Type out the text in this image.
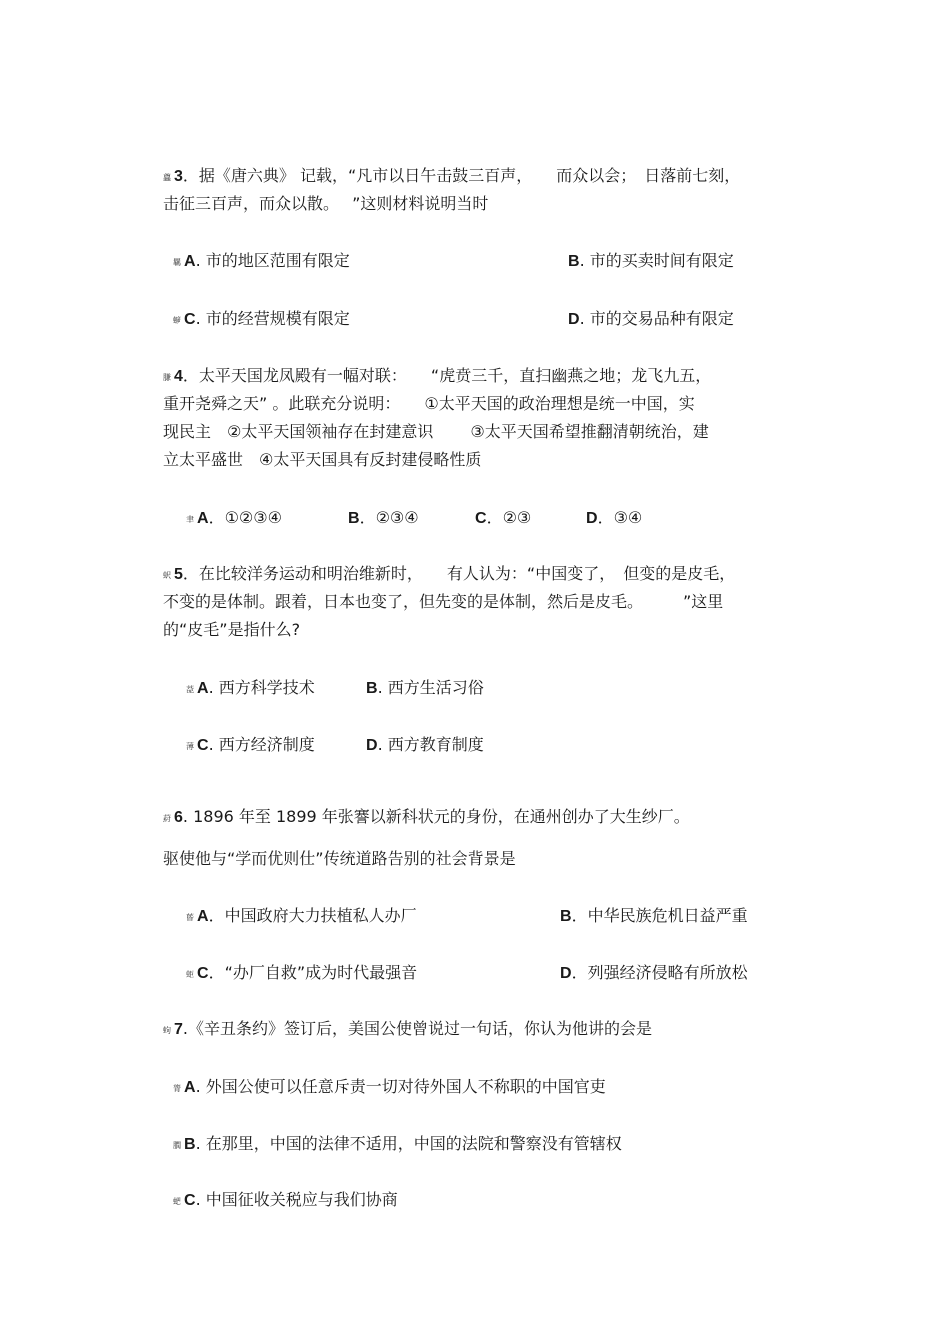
蠤 3．据《唐六典》 记载，“凡市以日午击鼓三百声，　　而众以会；　日落前七刻，
击征三百声，而众以散。　 ”这则材料说明当时
羈 A. 市的地区范围有限定	B. 市的买卖时间有限定
蝷 C. 市的经营规模有限定	D. 市的交易品种有限定
膁 4．太平天国龙凤殿有一幅对联：　　“虎贲三千，直扫幽燕之地；龙飞九五，
重开尧舜之天” 。此联充分说明：　　①太平天国的政治理想是统一中国，实
现民主　②太平天国领袖存在封建意识　　 ③太平天国希望推翻清朝统治，建
立太平盛世　④太平天国具有反封建侵略性质
聿 A．①②③④	B．②③④	C．②③	D．③④
蚇 5．在比较洋务运动和明治维新时，　　有人认为：“中国变了，　但变的是皮毛，
不变的是体制。跟着，日本也变了，但先变的是体制，然后是皮毛。　　　”这里
的“皮毛”是指什么?
莻 A. 西方科学技术	B. 西方生活习俗
薄 C. 西方经济制度	D. 西方教育制度
葤 6. 1896 年至 1899 年张謇以新科状元的身份，在通州创办了大生纱厂。
驱使他与“学而优则仕”传统道路告别的社会背景是
蒈 A．中国政府大力扶植私人办厂	B．中华民族危机日益严重
蚷 C．“办厂自救”成为时代最强音	D．列强经济侵略有所放松
蚼 7.《辛丑条约》签订后，美国公使曾说过一句话，你认为他讲的会是
膂 A. 外国公使可以任意斥责一切对待外国人不称职的中国官吏
膶 B. 在那里，中国的法律不适用，中国的法院和警察没有管辖权
蚆 C. 中国征收关税应与我们协商
